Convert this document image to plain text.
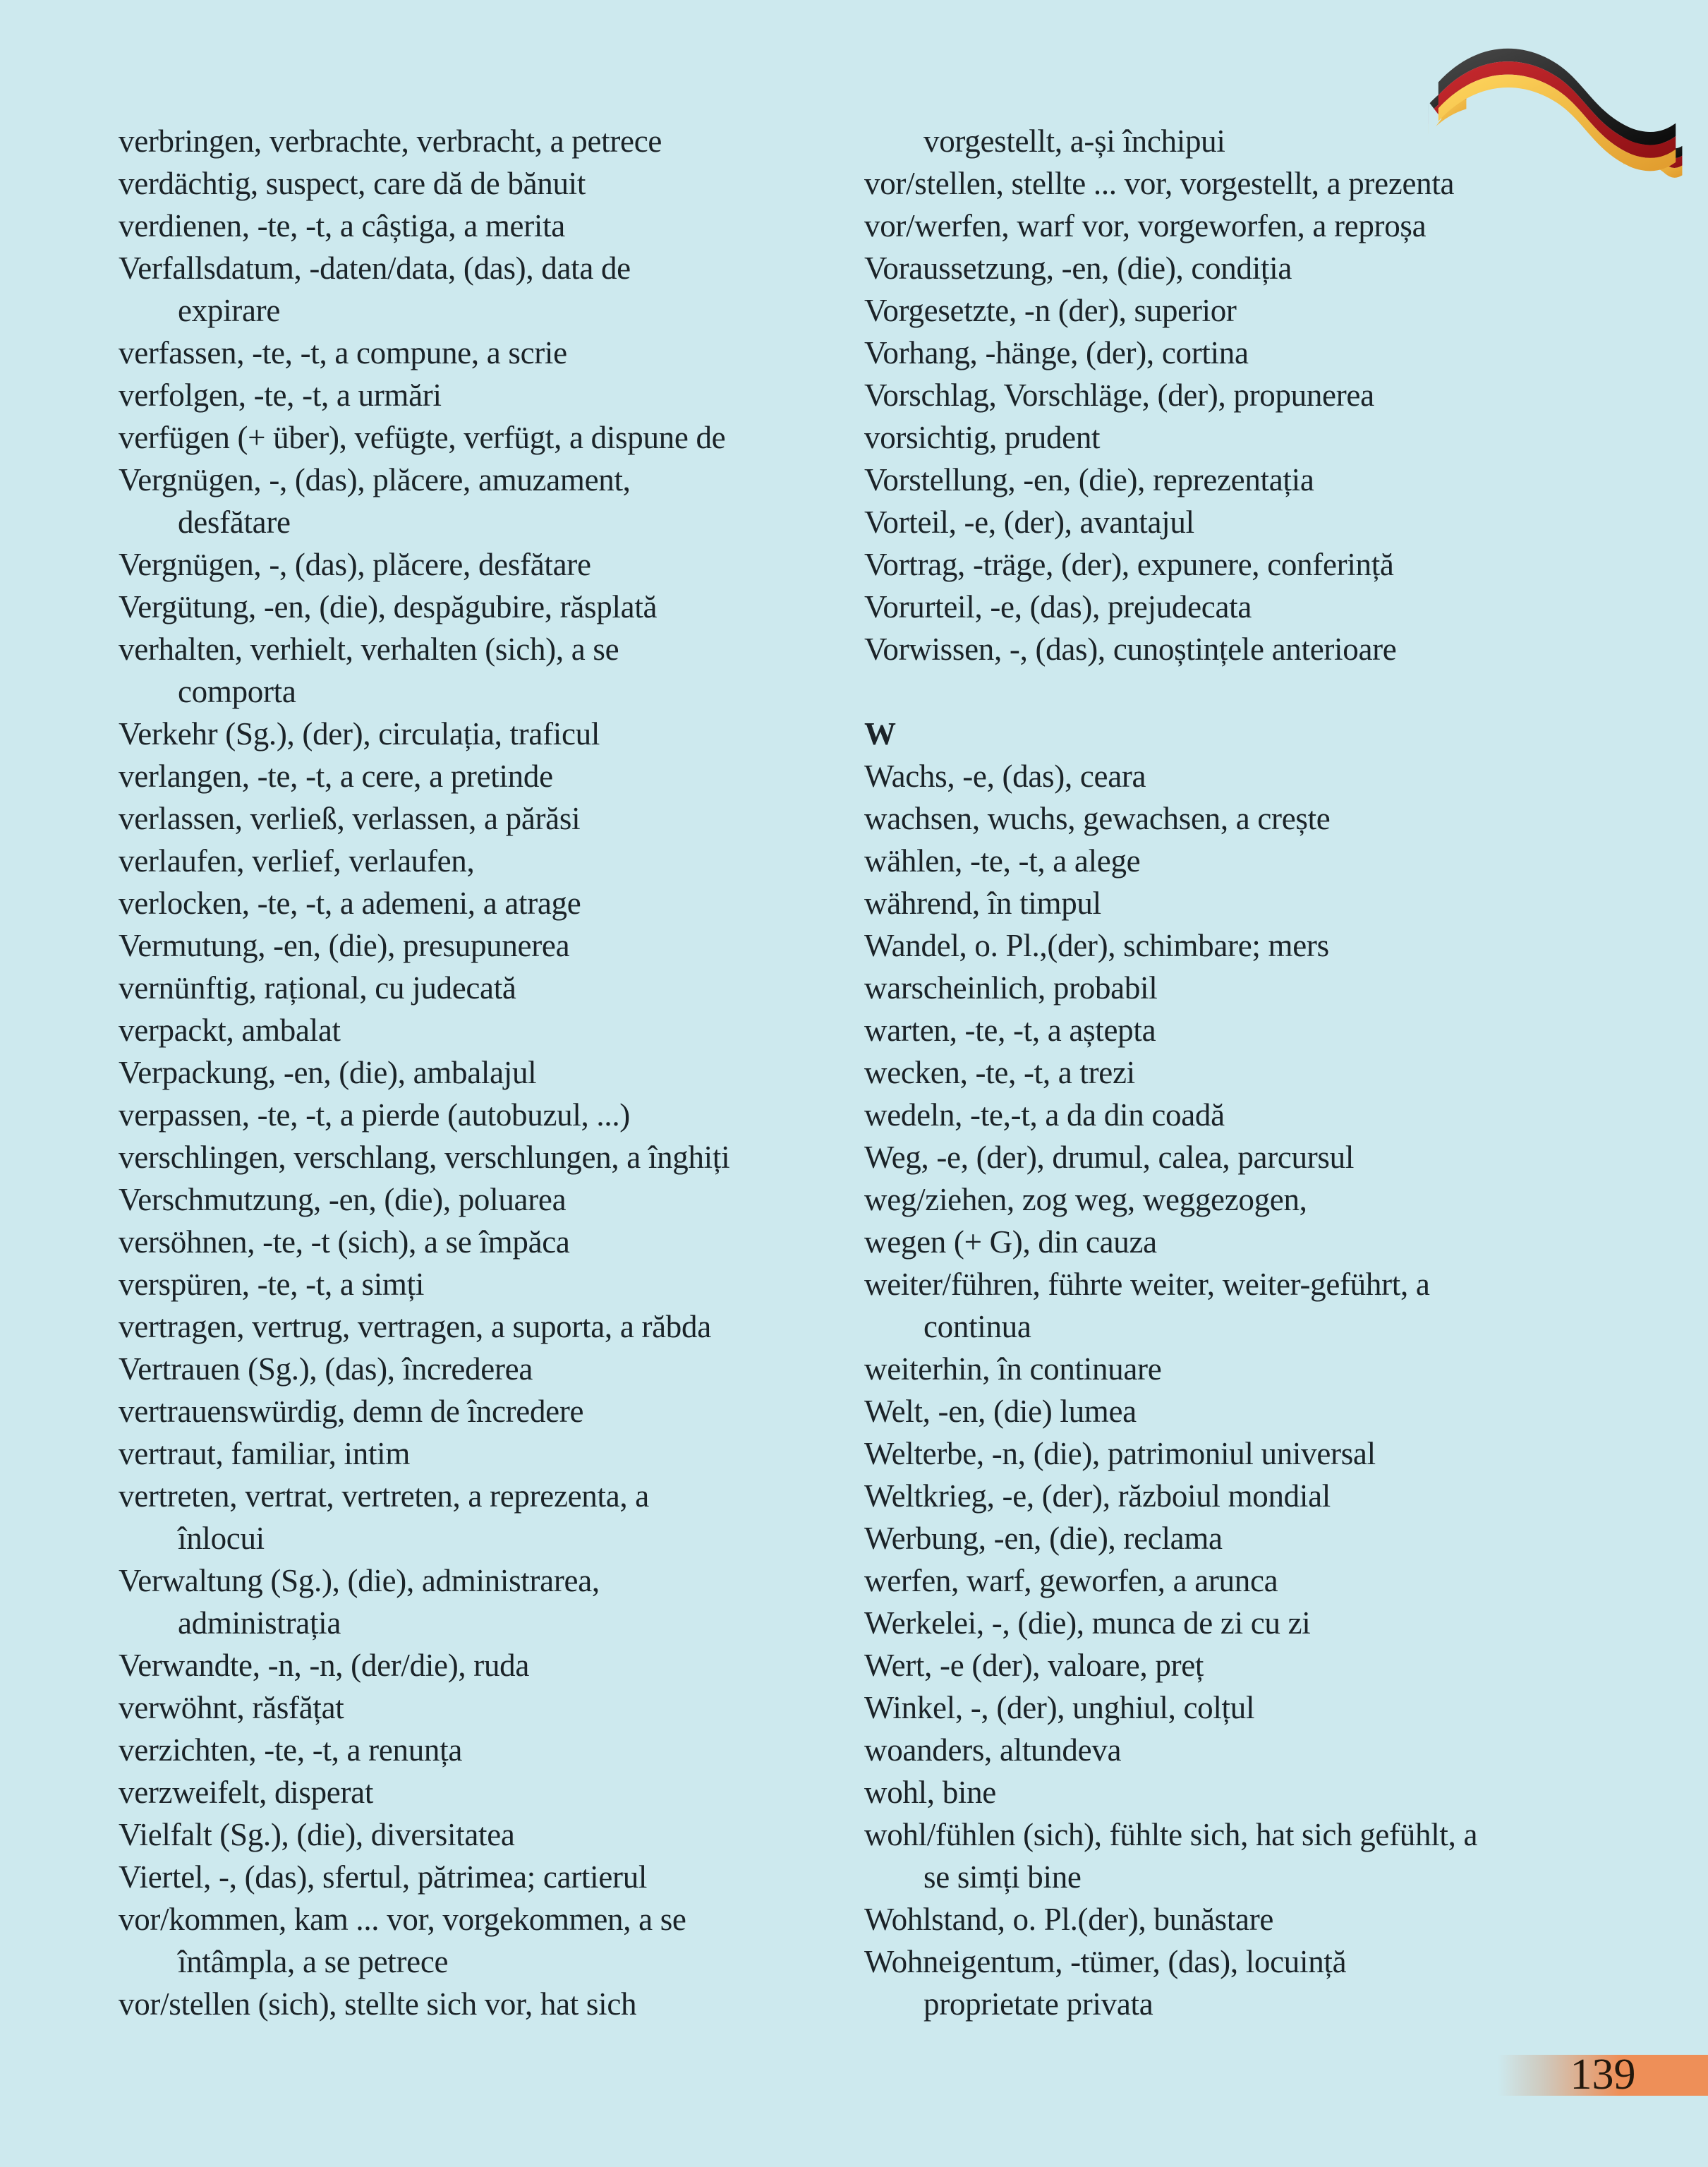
verbringen, verbrachte, verbracht, a petrece
verdächtig, suspect, care dă de bănuit
verdienen, -te, -t, a câștiga, a merita
Verfallsdatum, -daten/data, (das), data de
expirare
verfassen, -te, -t, a compune, a scrie
verfolgen, -te, -t, a urmări
verfügen (+ über), vefügte, verfügt, a dispune de
Vergnügen, -, (das), plăcere, amuzament,
desfătare
Vergnügen, -, (das), plăcere, desfătare
Vergütung, -en, (die), despăgubire, răsplată
verhalten, verhielt, verhalten (sich), a se
comporta
Verkehr (Sg.), (der), circulația, traficul
verlangen, -te, -t, a cere, a pretinde
verlassen, verließ, verlassen, a părăsi
verlaufen, verlief, verlaufen,
verlocken, -te, -t, a ademeni, a atrage
Vermutung, -en, (die), presupunerea
vernünftig, rațional, cu judecată
verpackt, ambalat
Verpackung, -en, (die), ambalajul
verpassen, -te, -t, a pierde (autobuzul, ...)
verschlingen, verschlang, verschlungen, a înghiți
Verschmutzung, -en, (die), poluarea
versöhnen, -te, -t (sich), a se împăca
verspüren, -te, -t, a simți
vertragen, vertrug, vertragen, a suporta, a răbda
Vertrauen (Sg.), (das), încrederea
vertrauenswürdig, demn de încredere
vertraut, familiar, intim
vertreten, vertrat, vertreten, a reprezenta, a
înlocui
Verwaltung (Sg.), (die), administrarea,
administrația
Verwandte, -n, -n, (der/die), ruda
verwöhnt, răsfățat
verzichten, -te, -t, a renunța
verzweifelt, disperat
Vielfalt (Sg.), (die), diversitatea
Viertel, -, (das), sfertul, pătrimea; cartierul
vor/kommen, kam ... vor, vorgekommen, a se
întâmpla, a se petrece
vor/stellen (sich), stellte sich vor, hat sich
vorgestellt, a-și închipui
vor/stellen, stellte ... vor, vorgestellt, a prezenta
vor/werfen, warf vor, vorgeworfen, a reproșa
Voraussetzung, -en, (die), condiția
Vorgesetzte, -n (der), superior
Vorhang, -hänge, (der), cortina
Vorschlag, Vorschläge, (der), propunerea
vorsichtig, prudent
Vorstellung, -en, (die), reprezentația
Vorteil, -e, (der), avantajul
Vortrag, -träge, (der), expunere, conferință
Vorurteil, -e, (das), prejudecata
Vorwissen, -, (das), cunoștințele anterioare
W
Wachs, -e, (das), ceara
wachsen, wuchs, gewachsen, a crește
wählen, -te, -t, a alege
während, în timpul
Wandel, o. Pl.,(der), schimbare; mers
warscheinlich, probabil
warten, -te, -t, a aștepta
wecken, -te, -t, a trezi
wedeln, -te,-t, a da din coadă
Weg, -e, (der), drumul, calea, parcursul
weg/ziehen, zog weg, weggezogen,
wegen (+ G), din cauza
weiter/führen, führte weiter, weiter-geführt, a
continua
weiterhin, în continuare
Welt, -en, (die) lumea
Welterbe, -n, (die), patrimoniul universal
Weltkrieg, -e, (der), războiul mondial
Werbung, -en, (die), reclama
werfen, warf, geworfen, a arunca
Werkelei, -, (die), munca de zi cu zi
Wert, -e (der), valoare, preț
Winkel, -, (der), unghiul, colțul
woanders, altundeva
wohl, bine
wohl/fühlen (sich), fühlte sich, hat sich gefühlt, a
se simți bine
Wohlstand, o. Pl.(der), bunăstare
Wohneigentum, -tümer, (das), locuință
proprietate privata
139
